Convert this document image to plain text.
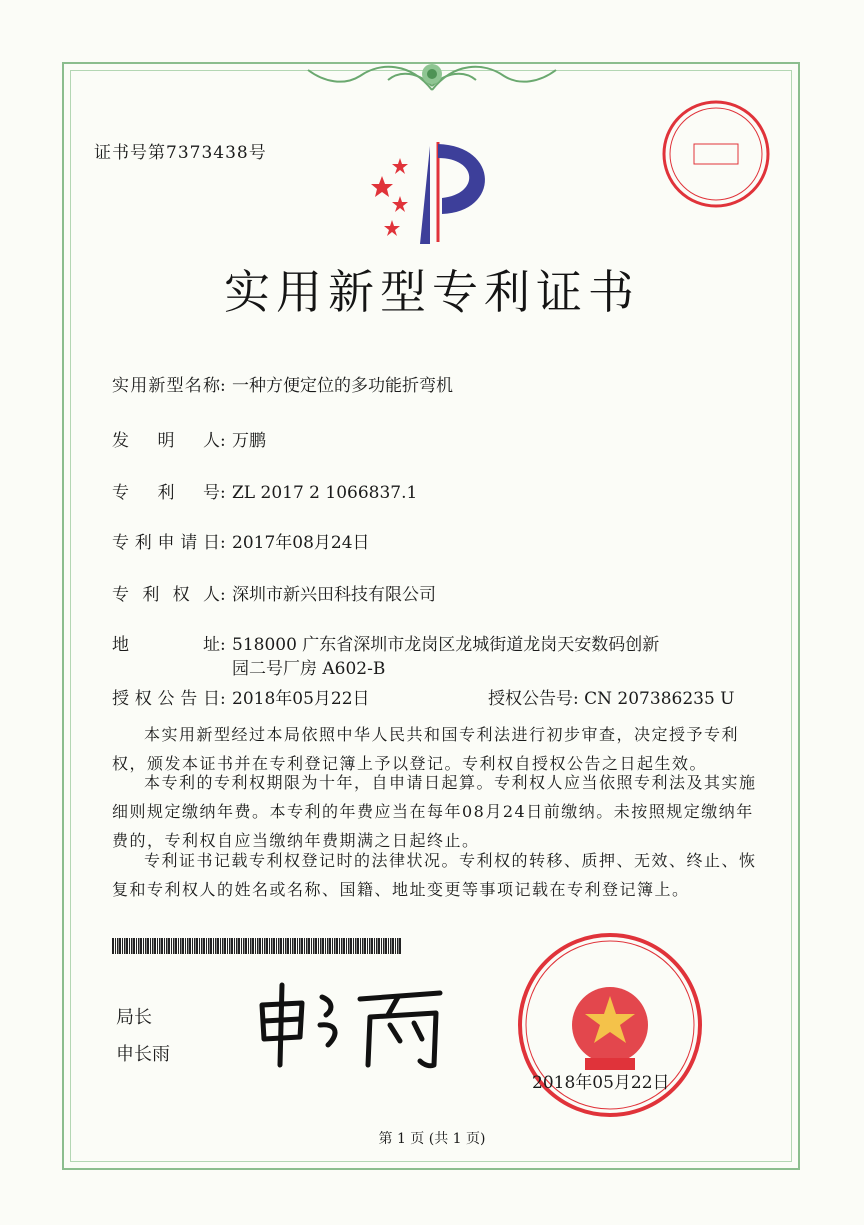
证书号第7373438号
实用新型专利证书
实用新型名称: 一种方便定位的多功能折弯机
发明人: 万鹏
专利号: ZL 2017 2 1066837.1
专利申请日: 2017年08月24日
专利权人: 深圳市新兴田科技有限公司
地址: 518000 广东省深圳市龙岗区龙城街道龙岗天安数码创新
园二号厂房 A602-B
授权公告日: 2018年05月22日	授权公告号: CN 207386235 U
本实用新型经过本局依照中华人民共和国专利法进行初步审查，决定授予专利权，颁发本证书并在专利登记簿上予以登记。专利权自授权公告之日起生效。
本专利的专利权期限为十年，自申请日起算。专利权人应当依照专利法及其实施细则规定缴纳年费。本专利的年费应当在每年08月24日前缴纳。未按照规定缴纳年费的，专利权自应当缴纳年费期满之日起终止。
专利证书记载专利权登记时的法律状况。专利权的转移、质押、无效、终止、恢复和专利权人的姓名或名称、国籍、地址变更等事项记载在专利登记簿上。
局长
申长雨
2018年05月22日
第 1 页 (共 1 页)
